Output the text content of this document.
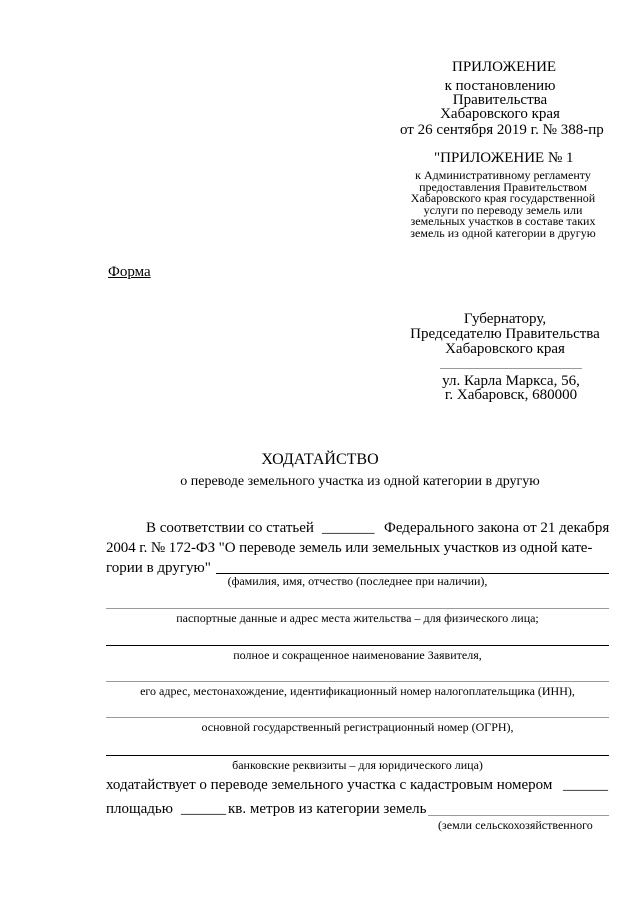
ПРИЛОЖЕНИЕ
к постановлению
Правительства
Хабаровского края
от 26 сентября 2019 г. № 388-пр
"ПРИЛОЖЕНИЕ № 1
к Административному регламенту
предоставления Правительством
Хабаровского края государственной
услуги по переводу земель или
земельных участков в составе таких
земель из одной категории в другую
Форма
Губернатору,
Председателю Правительства
Хабаровского края
ул. Карла Маркса, 56,
г. Хабаровск, 680000
ХОДАТАЙСТВО
о переводе земельного участка из одной категории в другую
В соответствии со статьей _______ Федерального закона от 21 декабря
2004 г. № 172-ФЗ "О переводе земель или земельных участков из одной кате-
гории в другую"
(фамилия, имя, отчество (последнее при наличии),
паспортные данные и адрес места жительства – для физического лица;
полное и сокращенное наименование Заявителя,
его адрес, местонахождение, идентификационный номер налогоплательщика (ИНН),
основной государственный регистрационный номер (ОГРН),
банковские реквизиты – для юридического лица)
ходатайствует о переводе земельного участка с кадастровым номером ______
площадью ______ кв. метров из категории земель
(земли сельскохозяйственного
